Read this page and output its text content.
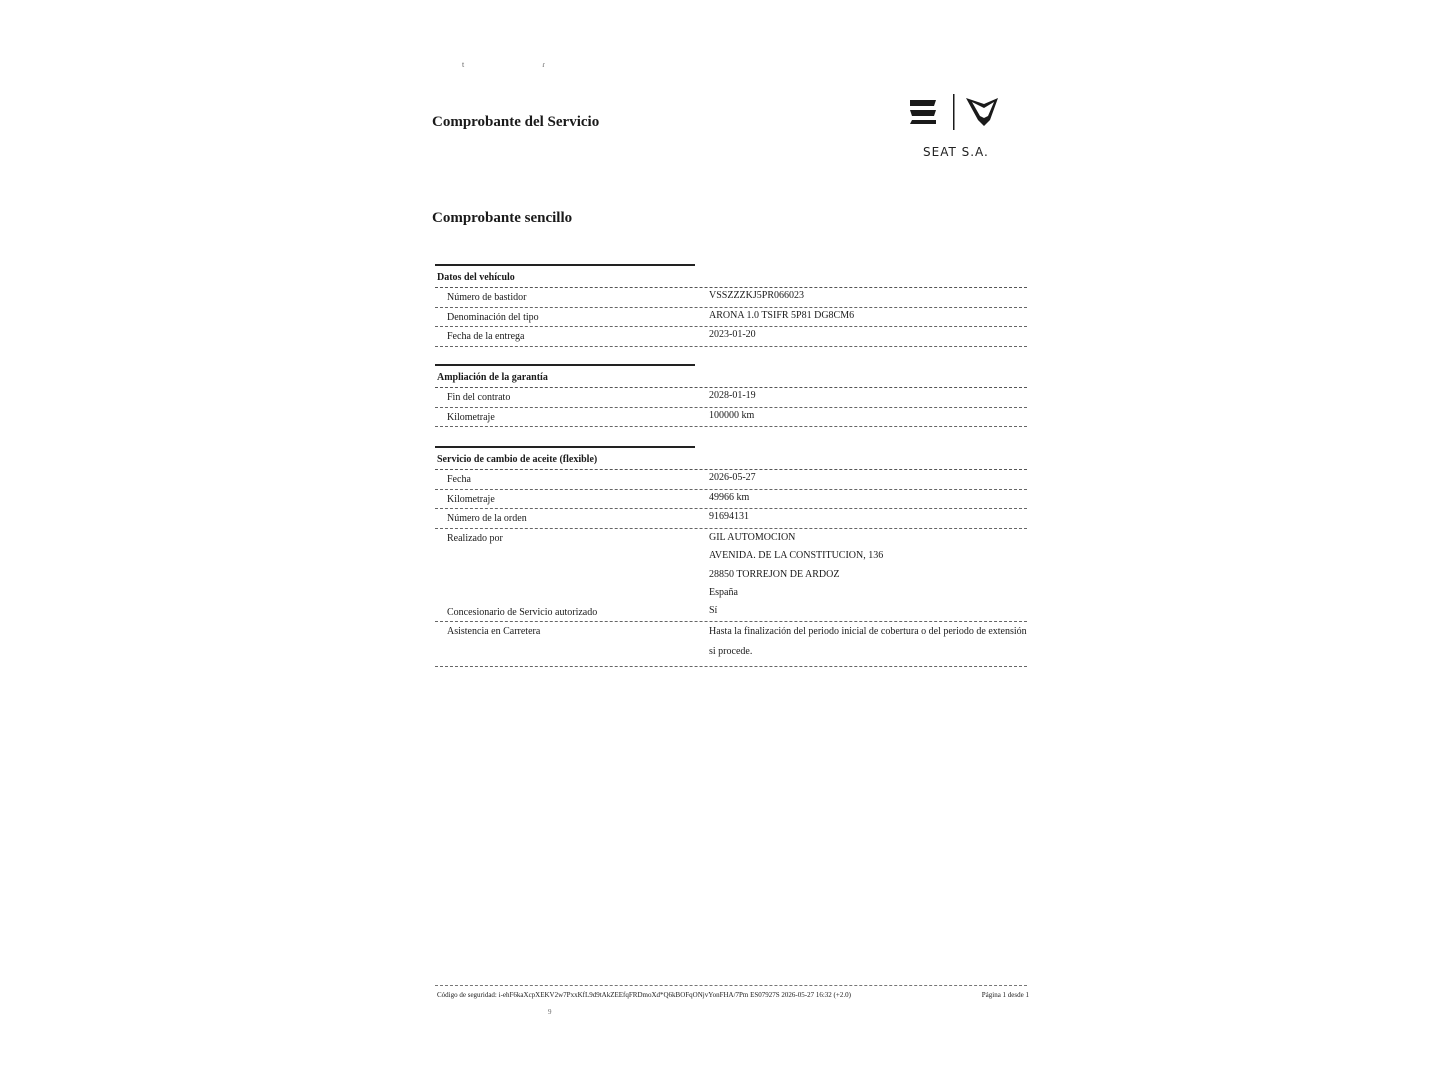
t ɾ
Comprobante del Servicio
SEAT S.A.
Comprobante sencillo
Datos del vehículo
Número de bastidor	VSSZZZKJ5PR066023
Denominación del tipo	ARONA 1.0 TSIFR 5P81 DG8CM6
Fecha de la entrega	2023-01-20
Ampliación de la garantía
Fin del contrato	2028-01-19
Kilometraje	100000 km
Servicio de cambio de aceite (flexible)
Fecha	2026-05-27
Kilometraje	49966 km
Número de la orden	91694131
Realizado por	GIL AUTOMOCION
AVENIDA. DE LA CONSTITUCION, 136
28850 TORREJON DE ARDOZ
España
Concesionario de Servicio autorizado	Sí
Asistencia en Carretera	Hasta la finalización del periodo inicial de cobertura o del periodo de extensión si procede.
Código de seguridad: i-ehF6kaXcpXEKV2w7PxxKfL9d9tAkZEEfqFRDmoXd*Q6kBOFqONjvYonFHA/7Pm ES07927S 2026-05-27 16:32 (+2.0)	Página 1 desde 1
9
